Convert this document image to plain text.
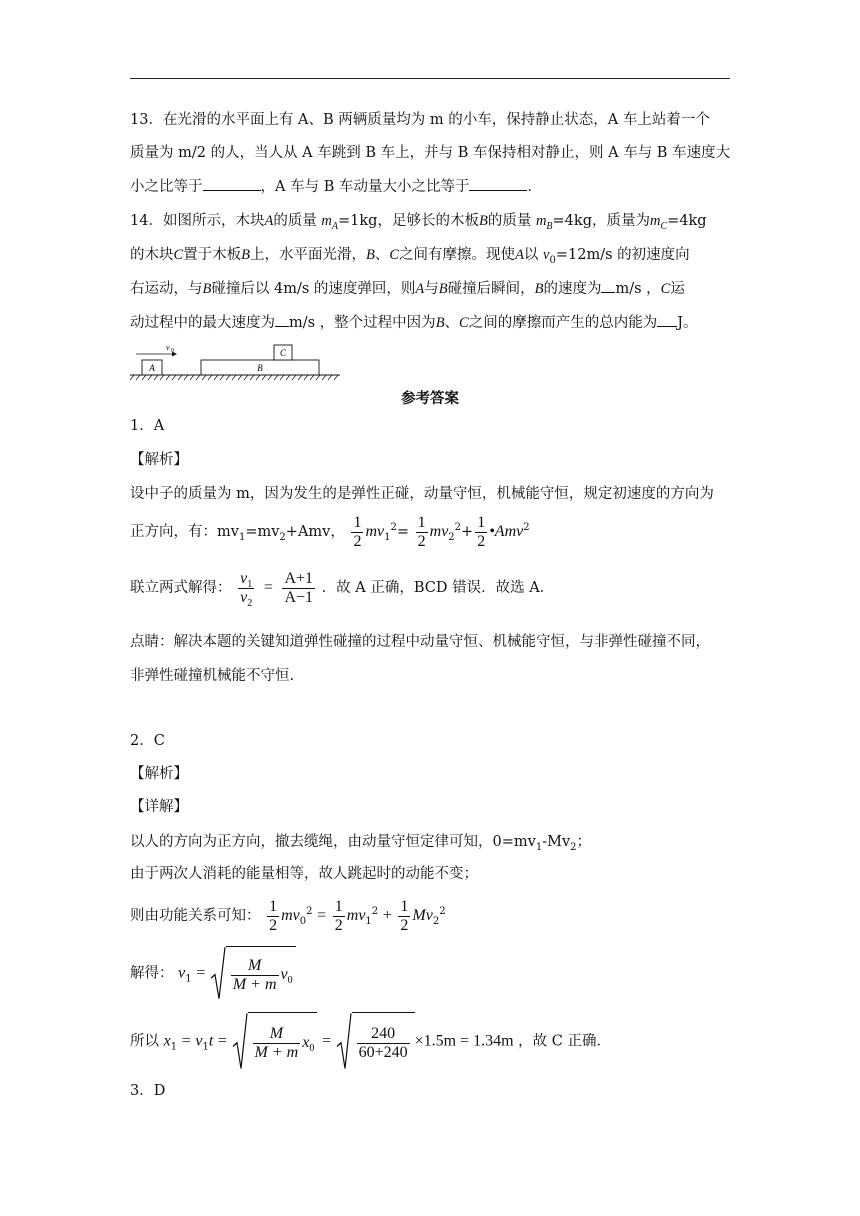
13．在光滑的水平面上有 A、B 两辆质量均为 m 的小车，保持静止状态，A 车上站着一个
质量为 m/2 的人，当人从 A 车跳到 B 车上，并与 B 车保持相对静止，则 A 车与 B 车速度大
小之比等于	，A 车与 B 车动量大小之比等于	．
14．如图所示，木块A的质量 $m_A=1kg$，足够长的木板B的质量 $m_B=4kg$，质量为$m_C=4kg$
的木块C置于木板B上，水平面光滑，B、C之间有摩擦。现使A以 $v_0=12m/s$ 的初速度向
右运动，与B碰撞后以 4m/s 的速度弹回，则A与B碰撞后瞬间，B的速度为 m/s ，C运
动过程中的最大速度为 m/s ，整个过程中因为B、C之间的摩擦而产生的总内能为 J。
v 0
A	B
C
参考答案
1．A
【解析】
设中子的质量为 m，因为发生的是弹性正碰，动量守恒，机械能守恒，规定初速度的方向为
正方向，有：$mv_1=mv_2+Amv$， $\frac{1}{2} mv_1^2= \frac{1}{2} mv_2^2+ \frac{1}{2}$ •Amv$^2$
联立两式解得： $\frac{v_1}{v_2} = \frac{A+1}{A-1}$ ．故 A 正确，BCD 错误．故选 A．
点睛：解决本题的关键知道弹性碰撞的过程中动量守恒、机械能守恒，与非弹性碰撞不同，
非弹性碰撞机械能不守恒.
2．C
【解析】
【详解】
以人的方向为正方向，撤去缆绳，由动量守恒定律可知，$0=mv_1-Mv_2$；
由于两次人消耗的能量相等，故人跳起时的动能不变；
则由功能关系可知： $\frac{1}{2} mv_0^2 = \frac{1}{2} mv_1^2 + \frac{1}{2} Mv_2^2$
解得： $v_1 = \frac{M}{M + m} v_0$
所以 $x_1 = v_1t = \frac{M}{M + m} x_0 = \frac{240}{60+240} \times 1.5m = 1.34m$ ，故 C 正确．
3．D
